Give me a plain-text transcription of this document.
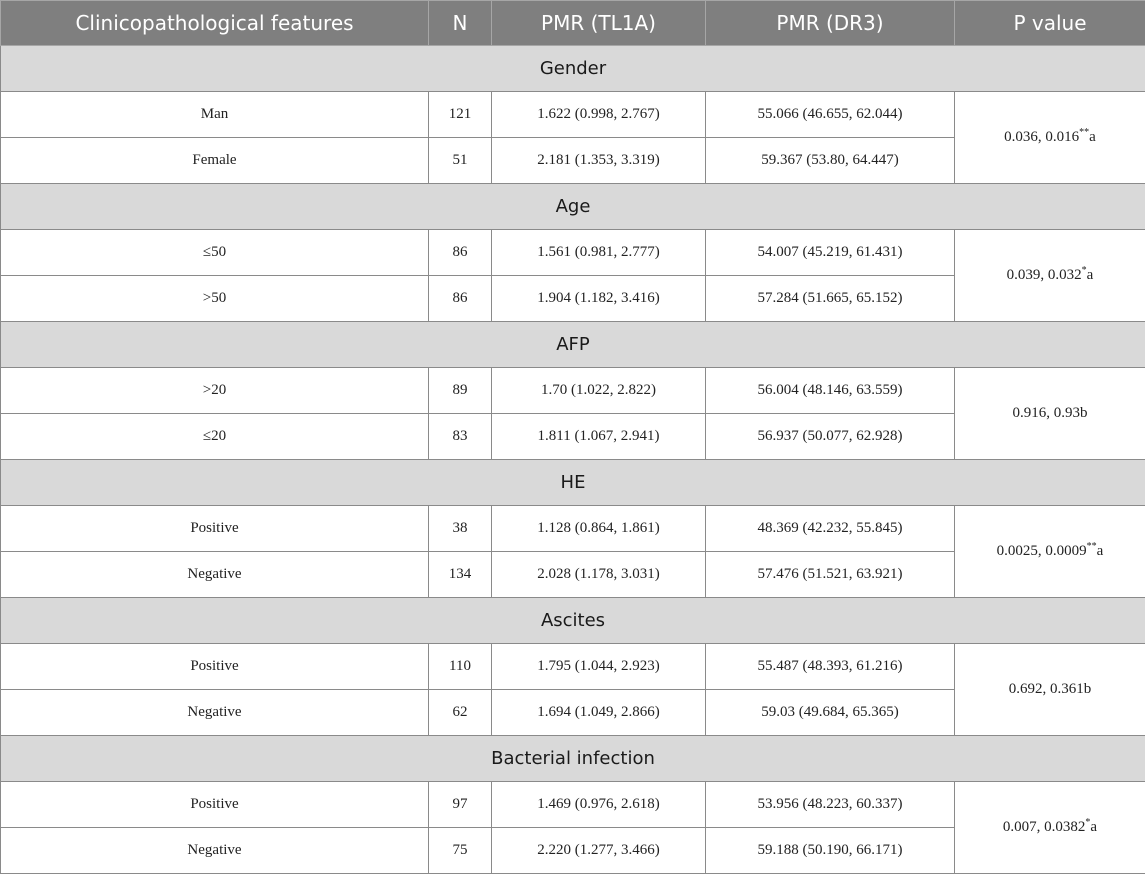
Clinicopathological features	N	PMR (TL1A)	PMR (DR3)	P value
Gender				
Man	121	1.622 (0.998, 2.767)	55.066 (46.655, 62.044)	0.036, 0.016**a
Female	51	2.181 (1.353, 3.319)	59.367 (53.80, 64.447)	
Age				
≤50	86	1.561 (0.981, 2.777)	54.007 (45.219, 61.431)	0.039, 0.032*a
>50	86	1.904 (1.182, 3.416)	57.284 (51.665, 65.152)	
AFP				
>20	89	1.70 (1.022, 2.822)	56.004 (48.146, 63.559)	0.916, 0.93b
≤20	83	1.811 (1.067, 2.941)	56.937 (50.077, 62.928)	
HE				
Positive	38	1.128 (0.864, 1.861)	48.369 (42.232, 55.845)	0.0025, 0.0009**a
Negative	134	2.028 (1.178, 3.031)	57.476 (51.521, 63.921)	
Ascites				
Positive	110	1.795 (1.044, 2.923)	55.487 (48.393, 61.216)	0.692, 0.361b
Negative	62	1.694 (1.049, 2.866)	59.03 (49.684, 65.365)	
Bacterial infection				
Positive	97	1.469 (0.976, 2.618)	53.956 (48.223, 60.337)	0.007, 0.0382*a
Negative	75	2.220 (1.277, 3.466)	59.188 (50.190, 66.171)	
